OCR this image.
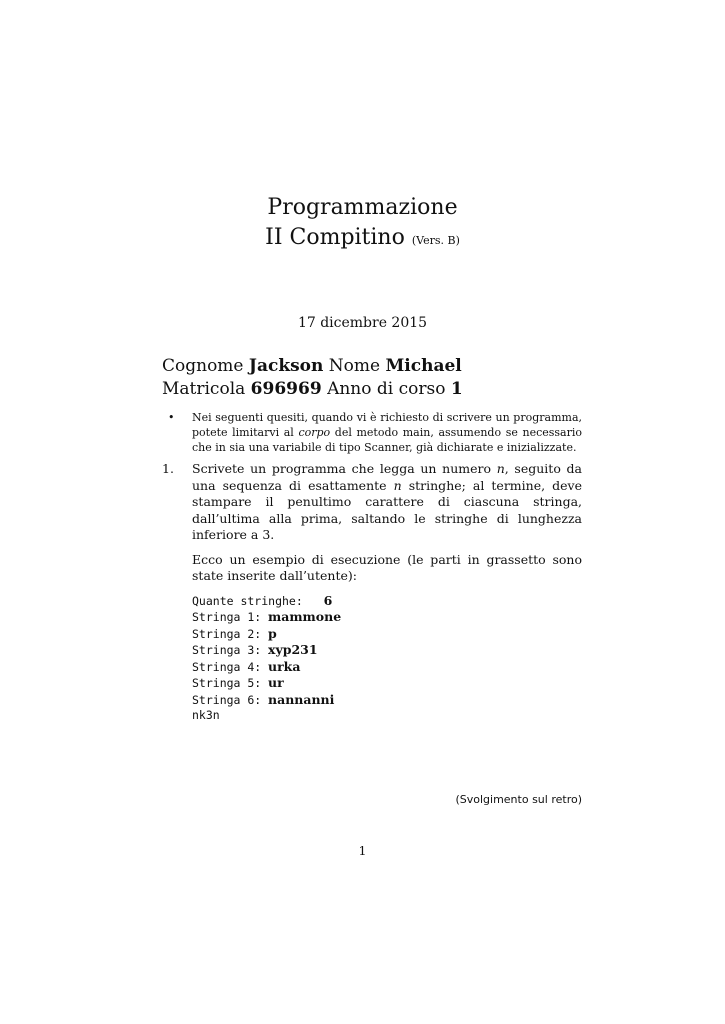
Programmazione
II Compitino (Vers. B)
17 dicembre 2015
Cognome Jackson Nome Michael
Matricola 696969 Anno di corso 1
• Nei seguenti quesiti, quando vi è richiesto di scrivere un programma, potete limitarvi al corpo del metodo main, assumendo se necessario che in sia una variabile di tipo Scanner, già dichiarate e inizializzate.
1. Scrivete un programma che legga un numero n, seguito da una sequenza di esattamente n stringhe; al termine, deve stampare il penultimo carattere di ciascuna stringa, dall’ultima alla prima, saltando le stringhe di lunghezza inferiore a 3.

Ecco un esempio di esecuzione (le parti in grassetto sono state inserite dall’utente):

Quante stringhe: 6
Stringa 1: mammone
Stringa 2: p
Stringa 3: xyp231
Stringa 4: urka
Stringa 5: ur
Stringa 6: nannanni
nk3n
(Svolgimento sul retro)
1
